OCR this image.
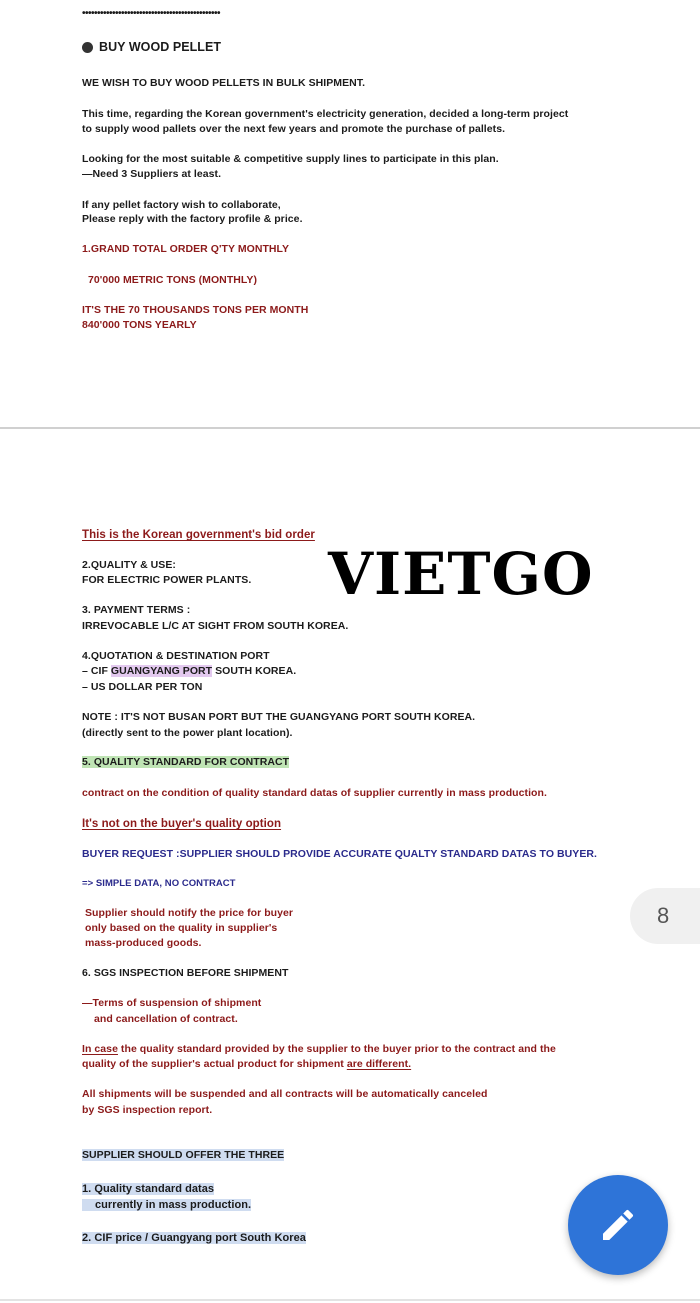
••••••••••••••••••••••••••••••••••••••••••••••
BUY WOOD PELLET
WE WISH TO BUY WOOD PELLETS IN BULK SHIPMENT.
This time, regarding the Korean government's electricity generation, decided a long-term project
to supply wood pallets over the next few years and promote the purchase of pallets.
Looking for the most suitable & competitive supply lines to participate in this plan.
—Need 3 Suppliers at least.
If any pellet factory wish to collaborate,
Please reply with the factory profile & price.
1.GRAND TOTAL ORDER Q'TY MONTHLY
70'000 METRIC TONS (MONTHLY)
IT'S THE 70 THOUSANDS TONS PER MONTH
840'000 TONS YEARLY
This is the Korean government's bid order
VIETGO
2.QUALITY & USE:
FOR ELECTRIC POWER PLANTS.
3. PAYMENT TERMS :
IRREVOCABLE L/C AT SIGHT FROM SOUTH KOREA.
4.QUOTATION & DESTINATION PORT
– CIF GUANGYANG PORT SOUTH KOREA.
– US DOLLAR PER TON
NOTE : IT'S NOT BUSAN PORT BUT THE GUANGYANG PORT SOUTH KOREA.
(directly sent to the power plant location).
5. QUALITY STANDARD FOR CONTRACT
contract on the condition of quality standard datas of supplier currently in mass production.
It's not on the buyer's quality option
BUYER REQUEST :SUPPLIER SHOULD PROVIDE ACCURATE QUALTY STANDARD DATAS TO BUYER.
=> SIMPLE DATA, NO CONTRACT
Supplier should notify the price for buyer
only based on the quality in supplier's
mass-produced goods.
6. SGS INSPECTION BEFORE SHIPMENT
—Terms of suspension of shipment
and cancellation of contract.
In case the quality standard provided by the supplier to the buyer prior to the contract and the
quality of the supplier's actual product for shipment are different.
All shipments will be suspended and all contracts will be automatically canceled
by SGS inspection report.
SUPPLIER SHOULD OFFER THE THREE
1. Quality standard datas
currently in mass production.
2. CIF price / Guangyang port South Korea
8
